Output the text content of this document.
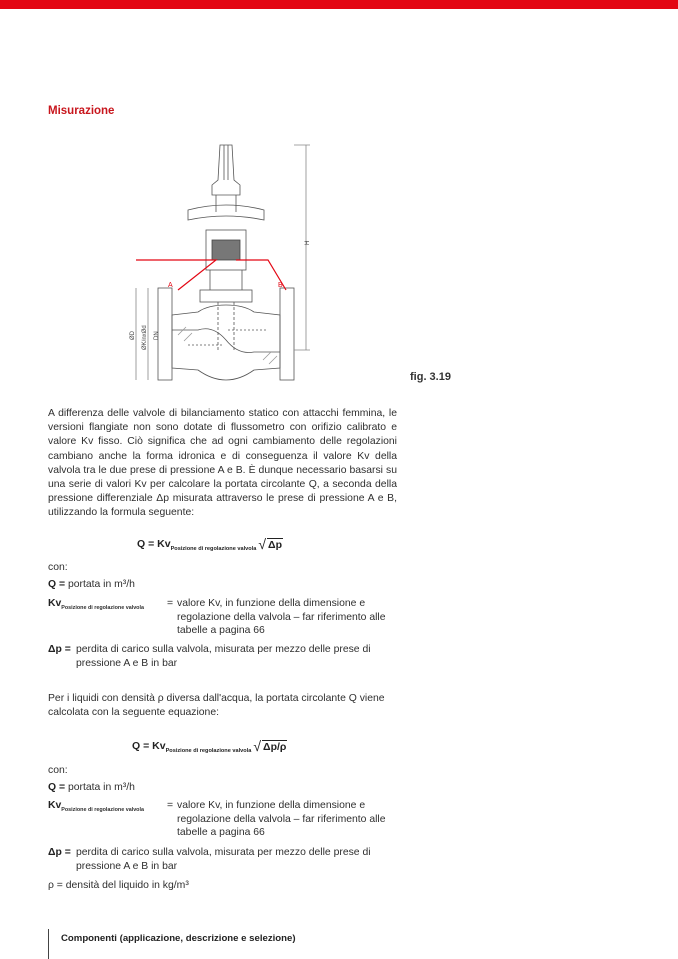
Misurazione
A	B
H
ØD ØK/nxØd DN
fig. 3.19
A differenza delle valvole di bilanciamento statico con attacchi femmina, le versioni flangiate non sono dotate di flussometro con orifizio calibrato e valore Kv fisso. Ciò significa che ad ogni cambiamento delle regolazioni cambiano anche la forma idronica e di conseguenza il valore Kv della valvola tra le due prese di pressione A e B. È dunque necessario basarsi su una serie di valori Kv per calcolare la portata circolante Q, a seconda della pressione differenziale Δp misurata attraverso le prese di pressione A e B, utilizzando la formula seguente:
Q = Kv Posizione di regolazione valvola √ Δp
con:
Q = portata in m³/h
$Kv_{Posizione di regolazione valvola}$ = valore Kv, in funzione della dimensione e regolazione della valvola – far riferimento alle tabelle a pagina 66
Δp = perdita di carico sulla valvola, misurata per mezzo delle prese di pressione A e B in bar
Per i liquidi con densità ρ diversa dall'acqua, la portata circolante Q viene calcolata con la seguente equazione:
Q = Kv Posizione di regolazione valvola √ Δp/ρ
con:
Q = portata in m³/h
$Kv_{Posizione di regolazione valvola}$ = valore Kv, in funzione della dimensione e regolazione della valvola – far riferimento alle tabelle a pagina 66
Δp = perdita di carico sulla valvola, misurata per mezzo delle prese di pressione A e B in bar
ρ = densità del liquido in kg/m³
Componenti (applicazione, descrizione e selezione)
